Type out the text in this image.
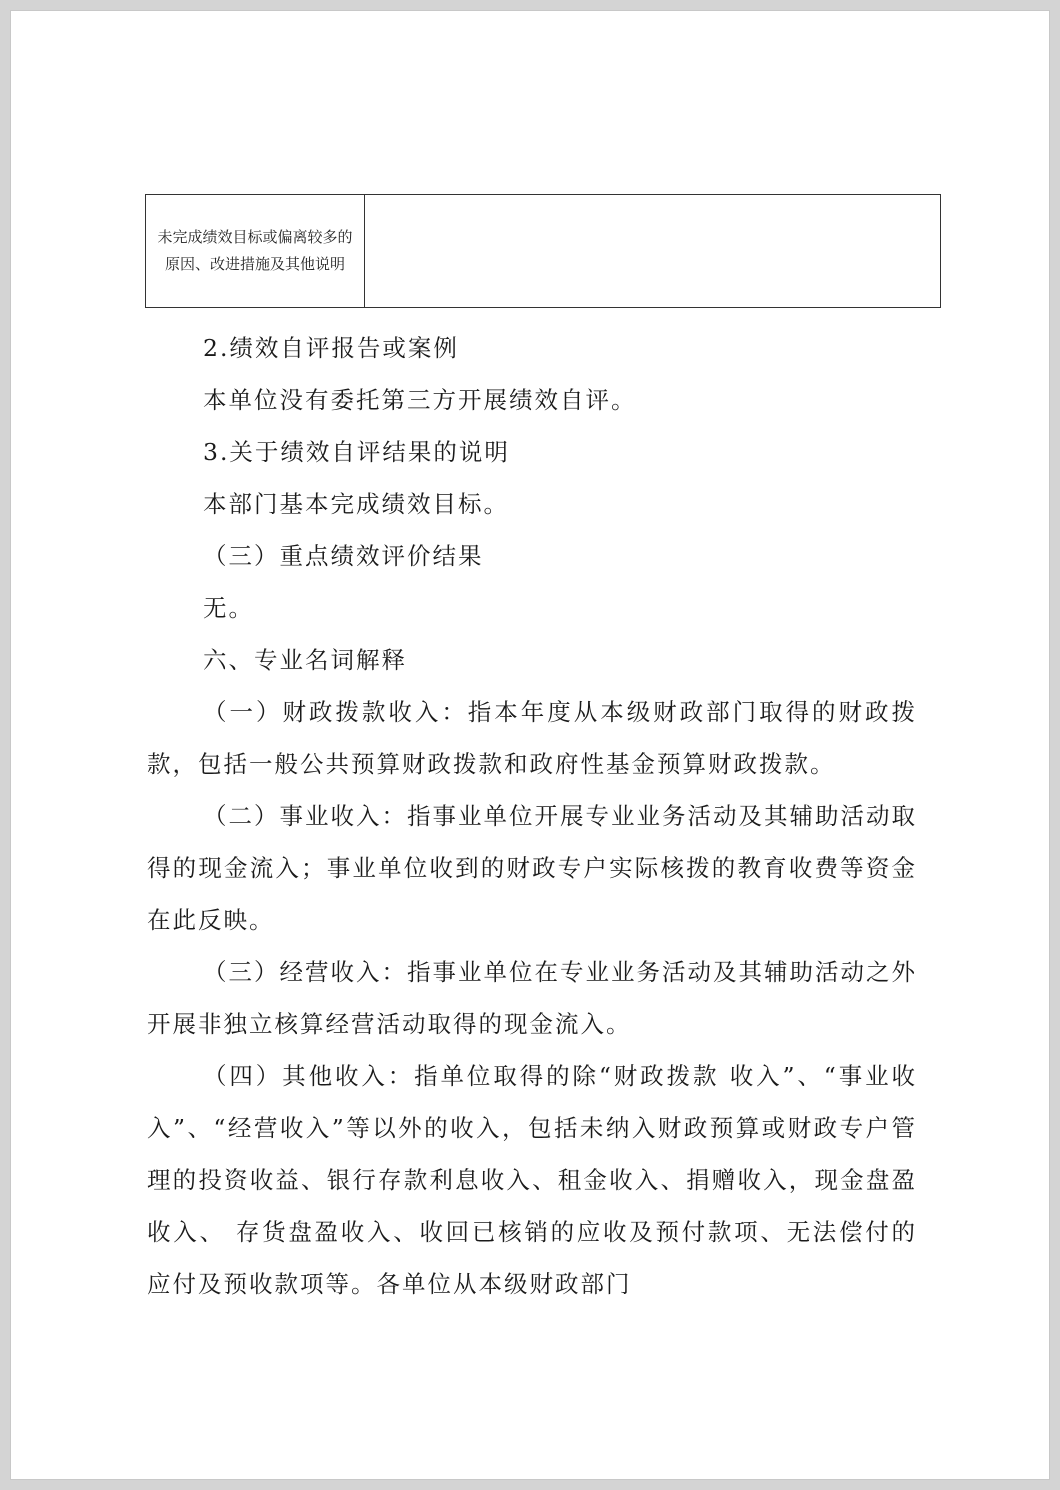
未完成绩效目标或偏离较多的原因、改进措施及其他说明

2.绩效自评报告或案例

本单位没有委托第三方开展绩效自评。

3.关于绩效自评结果的说明

本部门基本完成绩效目标。

（三）重点绩效评价结果

无。

六、专业名词解释

（一）财政拨款收入：指本年度从本级财政部门取得的财政拨款，包括一般公共预算财政拨款和政府性基金预算财政拨款。

（二）事业收入：指事业单位开展专业业务活动及其辅助活动取得的现金流入；事业单位收到的财政专户实际核拨的教育收费等资金在此反映。

（三）经营收入：指事业单位在专业业务活动及其辅助活动之外开展非独立核算经营活动取得的现金流入。

（四）其他收入：指单位取得的除“财政拨款 收入”、“事业收入”、“经营收入”等以外的收入，包括未纳入财政预算或财政专户管理的投资收益、银行存款利息收入、租金收入、捐赠收入，现金盘盈收入、 存货盘盈收入、收回已核销的应收及预付款项、无法偿付的应付及预收款项等。各单位从本级财政部门
